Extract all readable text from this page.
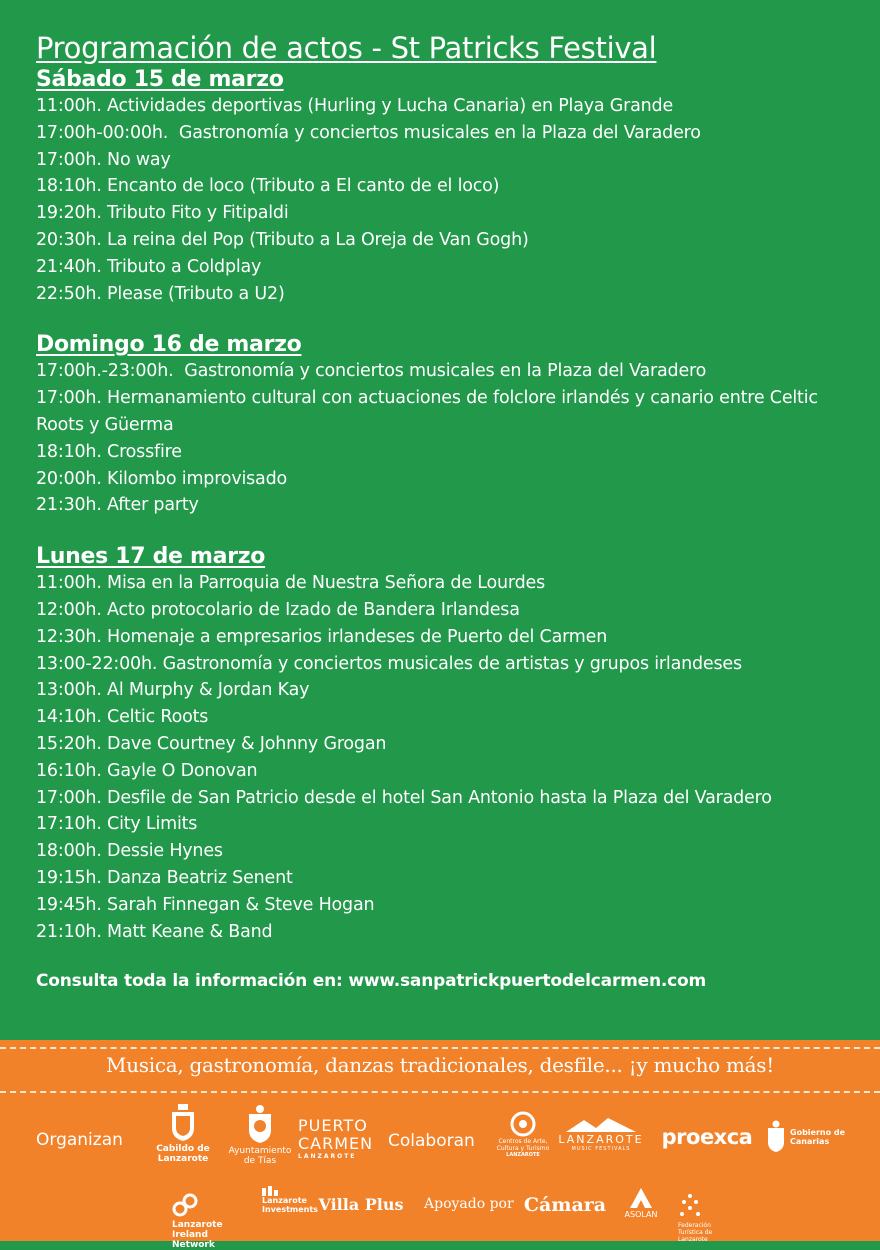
Programación de actos - St Patricks Festival
Sábado 15 de marzo
11:00h. Actividades deportivas (Hurling y Lucha Canaria) en Playa Grande
17:00h-00:00h.  Gastronomía y conciertos musicales en la Plaza del Varadero
17:00h. No way
18:10h. Encanto de loco (Tributo a El canto de el loco)
19:20h. Tributo Fito y Fitipaldi
20:30h. La reina del Pop (Tributo a La Oreja de Van Gogh)
21:40h. Tributo a Coldplay
22:50h. Please (Tributo a U2)
Domingo 16 de marzo
17:00h.-23:00h.  Gastronomía y conciertos musicales en la Plaza del Varadero
17:00h. Hermanamiento cultural con actuaciones de folclore irlandés y canario entre Celtic Roots y Güerma
18:10h. Crossfire
20:00h. Kilombo improvisado
21:30h. After party
Lunes 17 de marzo
11:00h. Misa en la Parroquia de Nuestra Señora de Lourdes
12:00h. Acto protocolario de Izado de Bandera Irlandesa
12:30h. Homenaje a empresarios irlandeses de Puerto del Carmen
13:00-22:00h. Gastronomía y conciertos musicales de artistas y grupos irlandeses
13:00h. Al Murphy & Jordan Kay
14:10h. Celtic Roots
15:20h. Dave Courtney & Johnny Grogan
16:10h. Gayle O Donovan
17:00h. Desfile de San Patricio desde el hotel San Antonio hasta la Plaza del Varadero
17:10h. City Limits
18:00h. Dessie Hynes
19:15h. Danza Beatriz Senent
19:45h. Sarah Finnegan & Steve Hogan
21:10h. Matt Keane & Band
Consulta toda la información en: www.sanpatrickpuertodelcarmen.com
Musica, gastronomía, danzas tradicionales, desfile... ¡y mucho más!
Organizan	Cabildo de Lanzarote
Ayuntamiento de Tías
PUERTO
CARMEN
LANZAROTE
Colaboran	Centros de Arte, Cultura y Turismo
LANZAROTE
LANZAROTE
MUSIC FESTIVALS	proexca	Gobierno de Canarias
Lanzarote Ireland Network
Lanzarote Investments Villa Plus Apoyado por Cámara	ASOLAN
Federación Turística de Lanzarote
